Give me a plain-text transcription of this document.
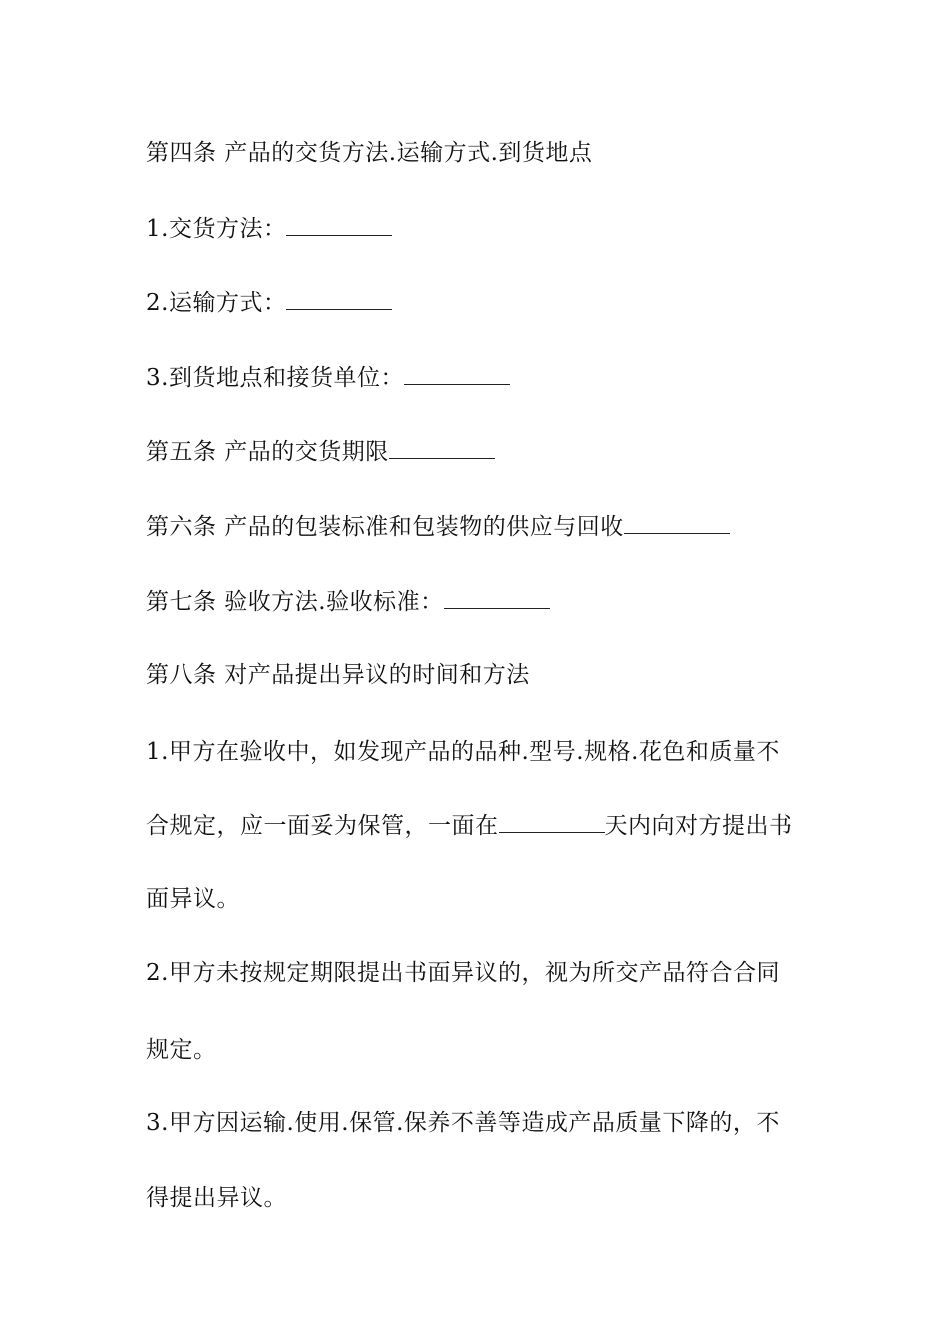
第四条 产品的交货方法.运输方式.到货地点
1.交货方法：
2.运输方式：
3.到货地点和接货单位：
第五条 产品的交货期限
第六条 产品的包装标准和包装物的供应与回收
第七条 验收方法.验收标准：
第八条 对产品提出异议的时间和方法
1.甲方在验收中，如发现产品的品种.型号.规格.花色和质量不
合规定，应一面妥为保管，一面在	天内向对方提出书
面异议。
2.甲方未按规定期限提出书面异议的，视为所交产品符合合同
规定。
3.甲方因运输.使用.保管.保养不善等造成产品质量下降的，不
得提出异议。
